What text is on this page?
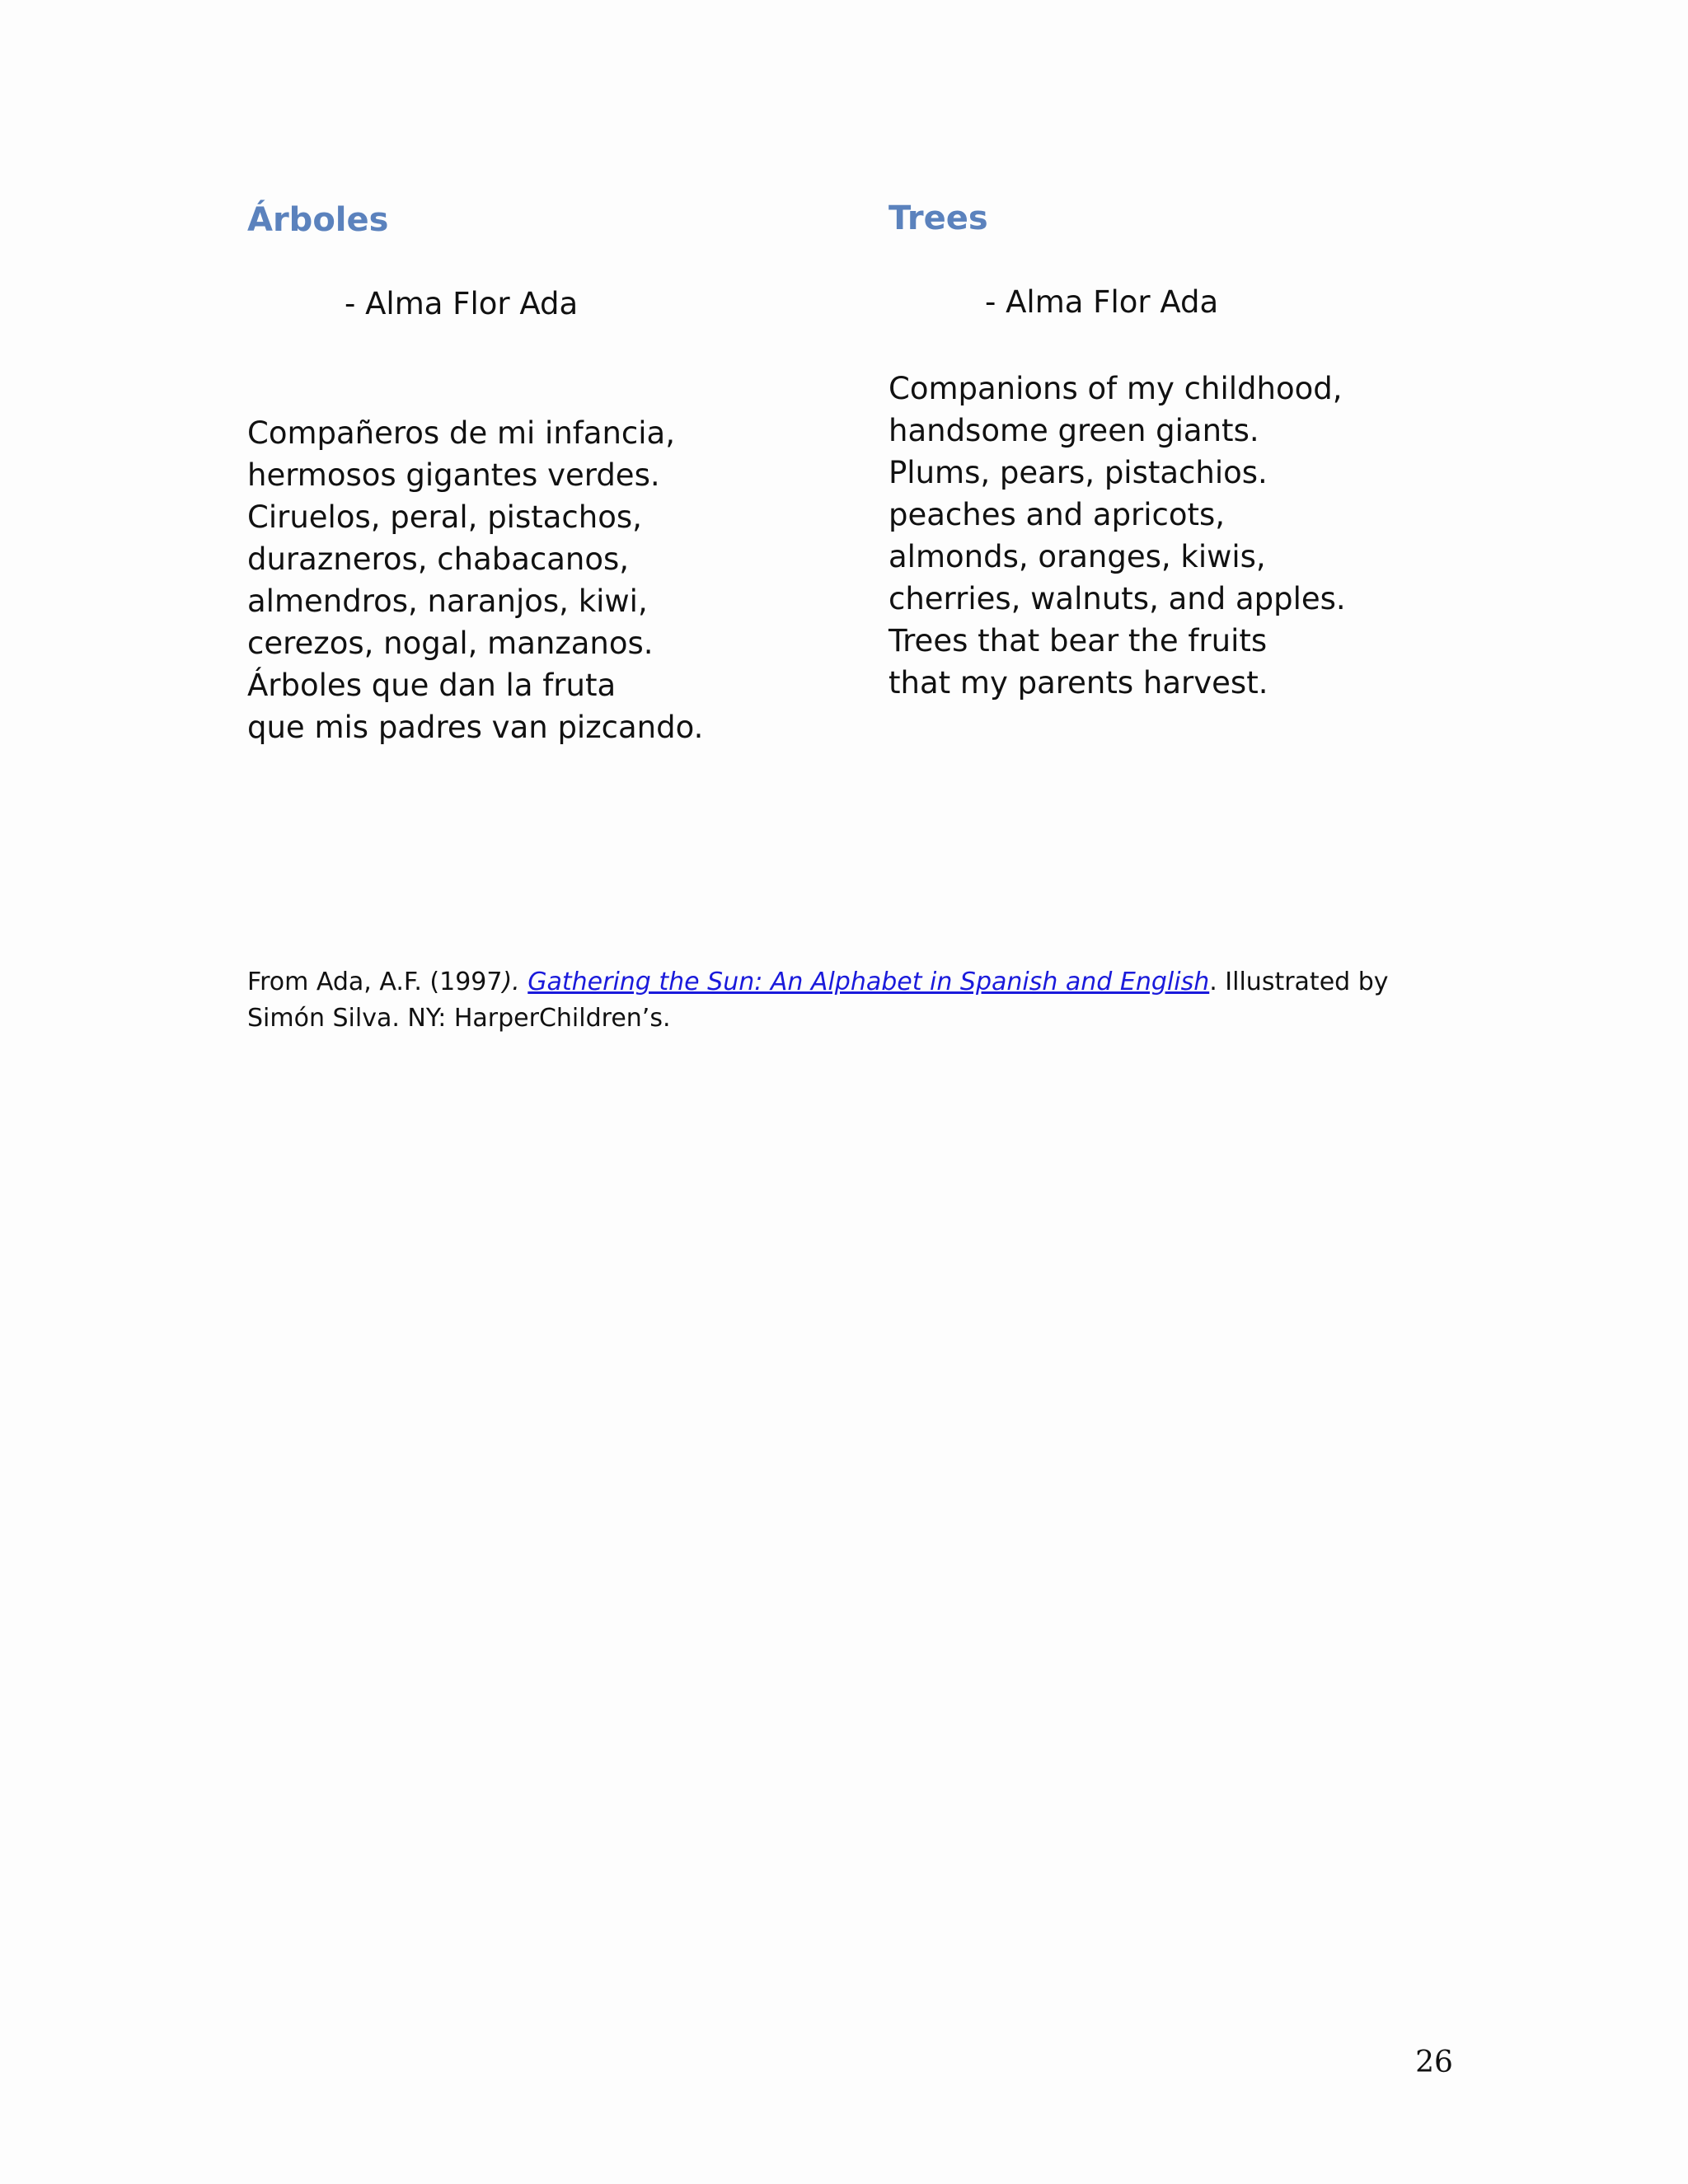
Árboles

- Alma Flor Ada

Compañeros de mi infancia,
hermosos gigantes verdes.
Ciruelos, peral, pistachos,
durazneros, chabacanos,
almendros, naranjos, kiwi,
cerezos, nogal, manzanos.
Árboles que dan la fruta
que mis padres van pizcando.
Trees

- Alma Flor Ada

Companions of my childhood,
handsome green giants.
Plums, pears, pistachios.
peaches and apricots,
almonds, oranges, kiwis,
cherries, walnuts, and apples.
Trees that bear the fruits
that my parents harvest.

From Ada, A.F. (1997). Gathering the Sun: An Alphabet in Spanish and English. Illustrated by Simón Silva. NY: HarperChildren’s.

26
